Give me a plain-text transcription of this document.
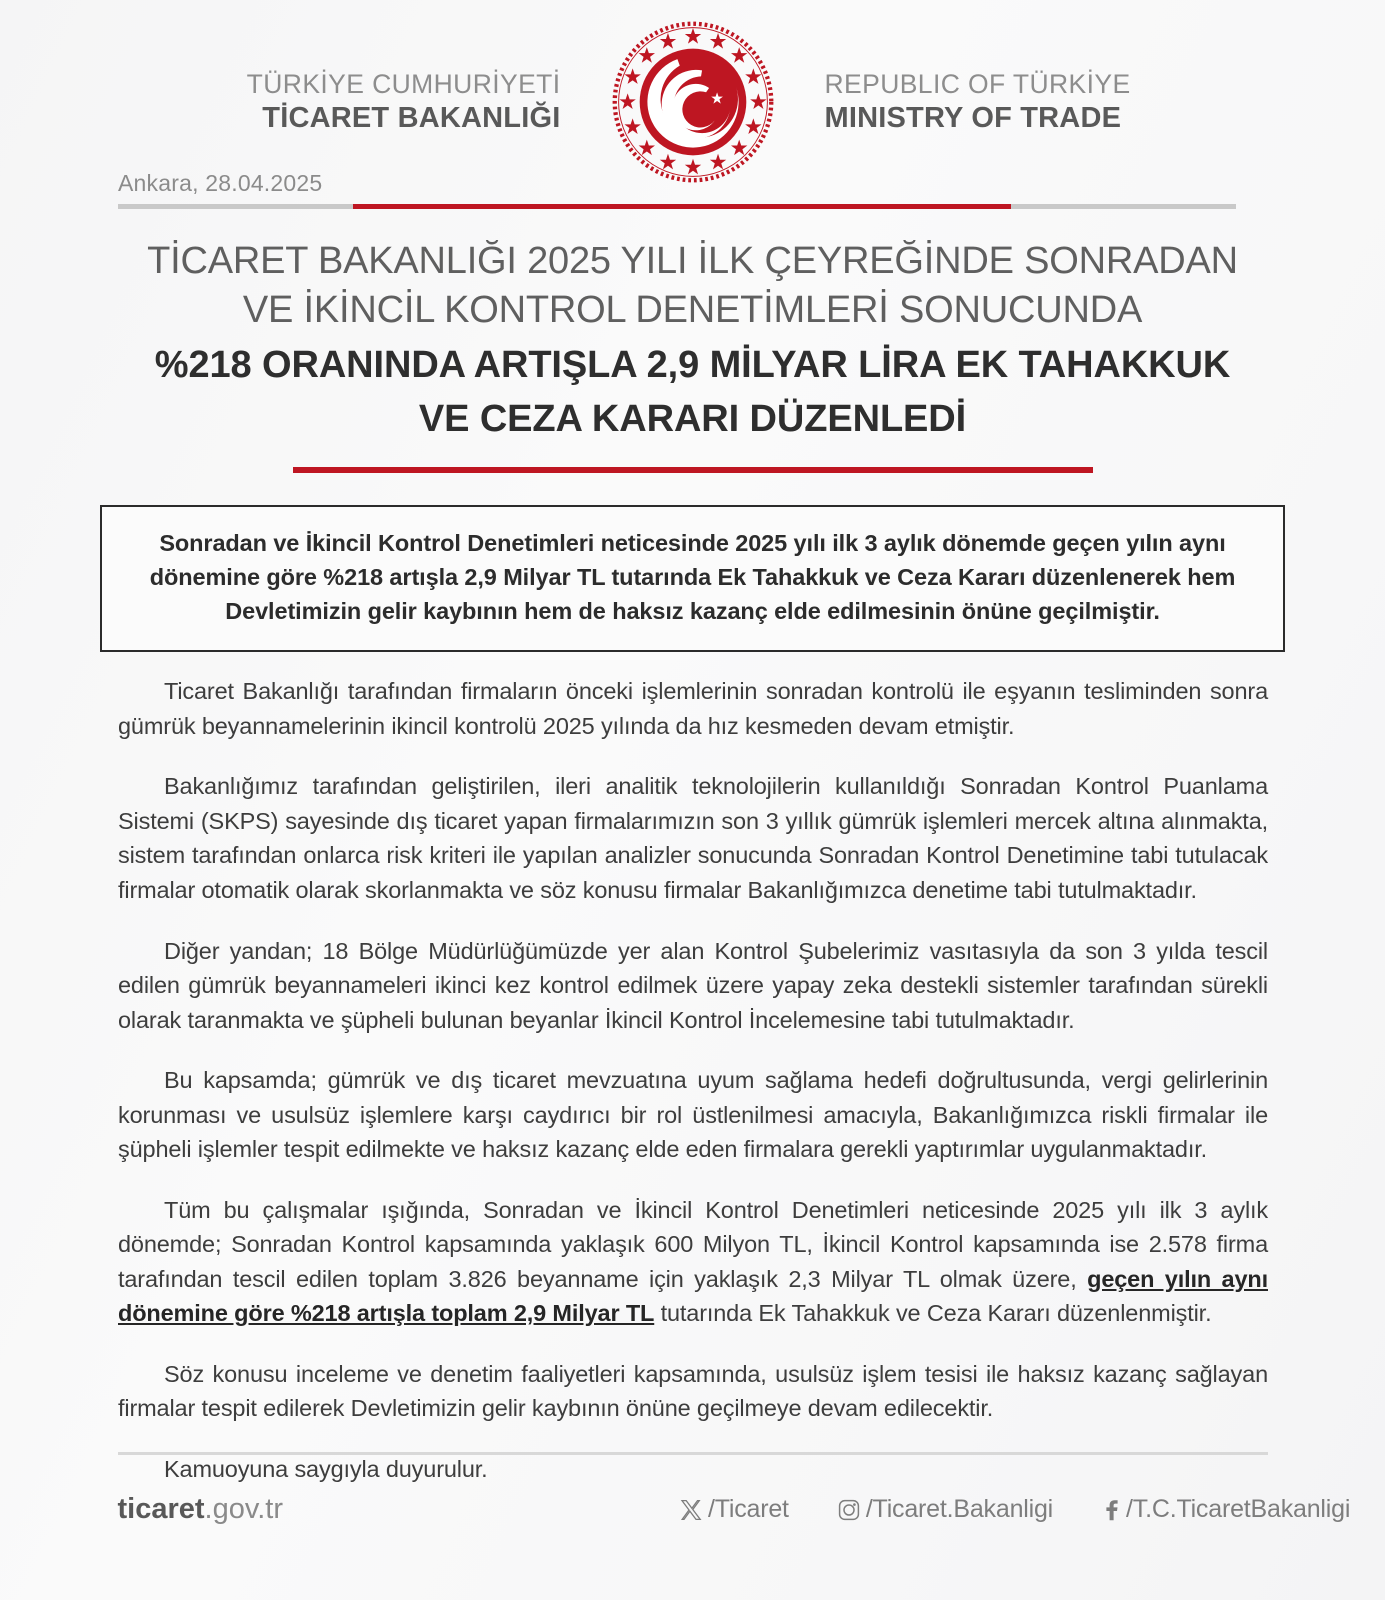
TÜRKİYE CUMHURİYETİ
TİCARET BAKANLIĞI
REPUBLIC OF TÜRKİYE
MINISTRY OF TRADE
Ankara, 28.04.2025
TİCARET BAKANLIĞI 2025 YILI İLK ÇEYREĞİNDE SONRADAN
VE İKİNCİL KONTROL DENETİMLERİ SONUCUNDA
%218 ORANINDA ARTIŞLA 2,9 MİLYAR LİRA EK TAHAKKUK
VE CEZA KARARI DÜZENLEDİ

Sonradan ve İkincil Kontrol Denetimleri neticesinde 2025 yılı ilk 3 aylık dönemde geçen yılın aynı dönemine göre %218 artışla 2,9 Milyar TL tutarında Ek Tahakkuk ve Ceza Kararı düzenlenerek hem Devletimizin gelir kaybının hem de haksız kazanç elde edilmesinin önüne geçilmiştir.

Ticaret Bakanlığı tarafından firmaların önceki işlemlerinin sonradan kontrolü ile eşyanın tesliminden sonra gümrük beyannamelerinin ikincil kontrolü 2025 yılında da hız kesmeden devam etmiştir.

Bakanlığımız tarafından geliştirilen, ileri analitik teknolojilerin kullanıldığı Sonradan Kontrol Puanlama Sistemi (SKPS) sayesinde dış ticaret yapan firmalarımızın son 3 yıllık gümrük işlemleri mercek altına alınmakta, sistem tarafından onlarca risk kriteri ile yapılan analizler sonucunda Sonradan Kontrol Denetimine tabi tutulacak firmalar otomatik olarak skorlanmakta ve söz konusu firmalar Bakanlığımızca denetime tabi tutulmaktadır.

Diğer yandan; 18 Bölge Müdürlüğümüzde yer alan Kontrol Şubelerimiz vasıtasıyla da son 3 yılda tescil edilen gümrük beyannameleri ikinci kez kontrol edilmek üzere yapay zeka destekli sistemler tarafından sürekli olarak taranmakta ve şüpheli bulunan beyanlar İkincil Kontrol İncelemesine tabi tutulmaktadır.

Bu kapsamda; gümrük ve dış ticaret mevzuatına uyum sağlama hedefi doğrultusunda, vergi gelirlerinin korunması ve usulsüz işlemlere karşı caydırıcı bir rol üstlenilmesi amacıyla, Bakanlığımızca riskli firmalar ile şüpheli işlemler tespit edilmekte ve haksız kazanç elde eden firmalara gerekli yaptırımlar uygulanmaktadır.

Tüm bu çalışmalar ışığında, Sonradan ve İkincil Kontrol Denetimleri neticesinde 2025 yılı ilk 3 aylık dönemde; Sonradan Kontrol kapsamında yaklaşık 600 Milyon TL, İkincil Kontrol kapsamında ise 2.578 firma tarafından tescil edilen toplam 3.826 beyanname için yaklaşık 2,3 Milyar TL olmak üzere, geçen yılın aynı dönemine göre %218 artışla toplam 2,9 Milyar TL tutarında Ek Tahakkuk ve Ceza Kararı düzenlenmiştir.

Söz konusu inceleme ve denetim faaliyetleri kapsamında, usulsüz işlem tesisi ile haksız kazanç sağlayan firmalar tespit edilerek Devletimizin gelir kaybının önüne geçilmeye devam edilecektir.

Kamuoyuna saygıyla duyurulur.

ticaret.gov.tr	/Ticaret	/Ticaret.Bakanligi	/T.C.TicaretBakanligi
